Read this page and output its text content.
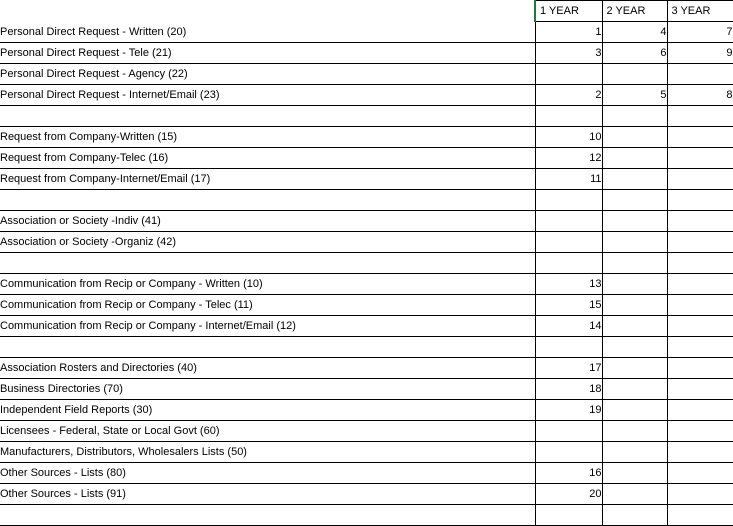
	1 YEAR	2 YEAR	3 YEAR
Personal Direct Request - Written (20)	1	4	7
Personal Direct Request - Tele (21)	3	6	9
Personal Direct Request - Agency (22)			
Personal Direct Request - Internet/Email (23)	2	5	8

Request from Company-Written (15)	10		
Request from Company-Telec (16)	12		
Request from Company-Internet/Email (17)	11		

Association or Society -Indiv (41)			
Association or Society -Organiz (42)			

Communication from Recip or Company - Written (10)	13		
Communication from Recip or Company - Telec (11)	15		
Communication from Recip or Company - Internet/Email (12)	14		

Association Rosters and Directories (40)	17		
Business Directories (70)	18		
Independent Field Reports (30)	19		
Licensees - Federal, State or Local Govt (60)			
Manufacturers, Distributors, Wholesalers Lists (50)			
Other Sources - Lists (80)	16		
Other Sources - Lists (91)	20		
